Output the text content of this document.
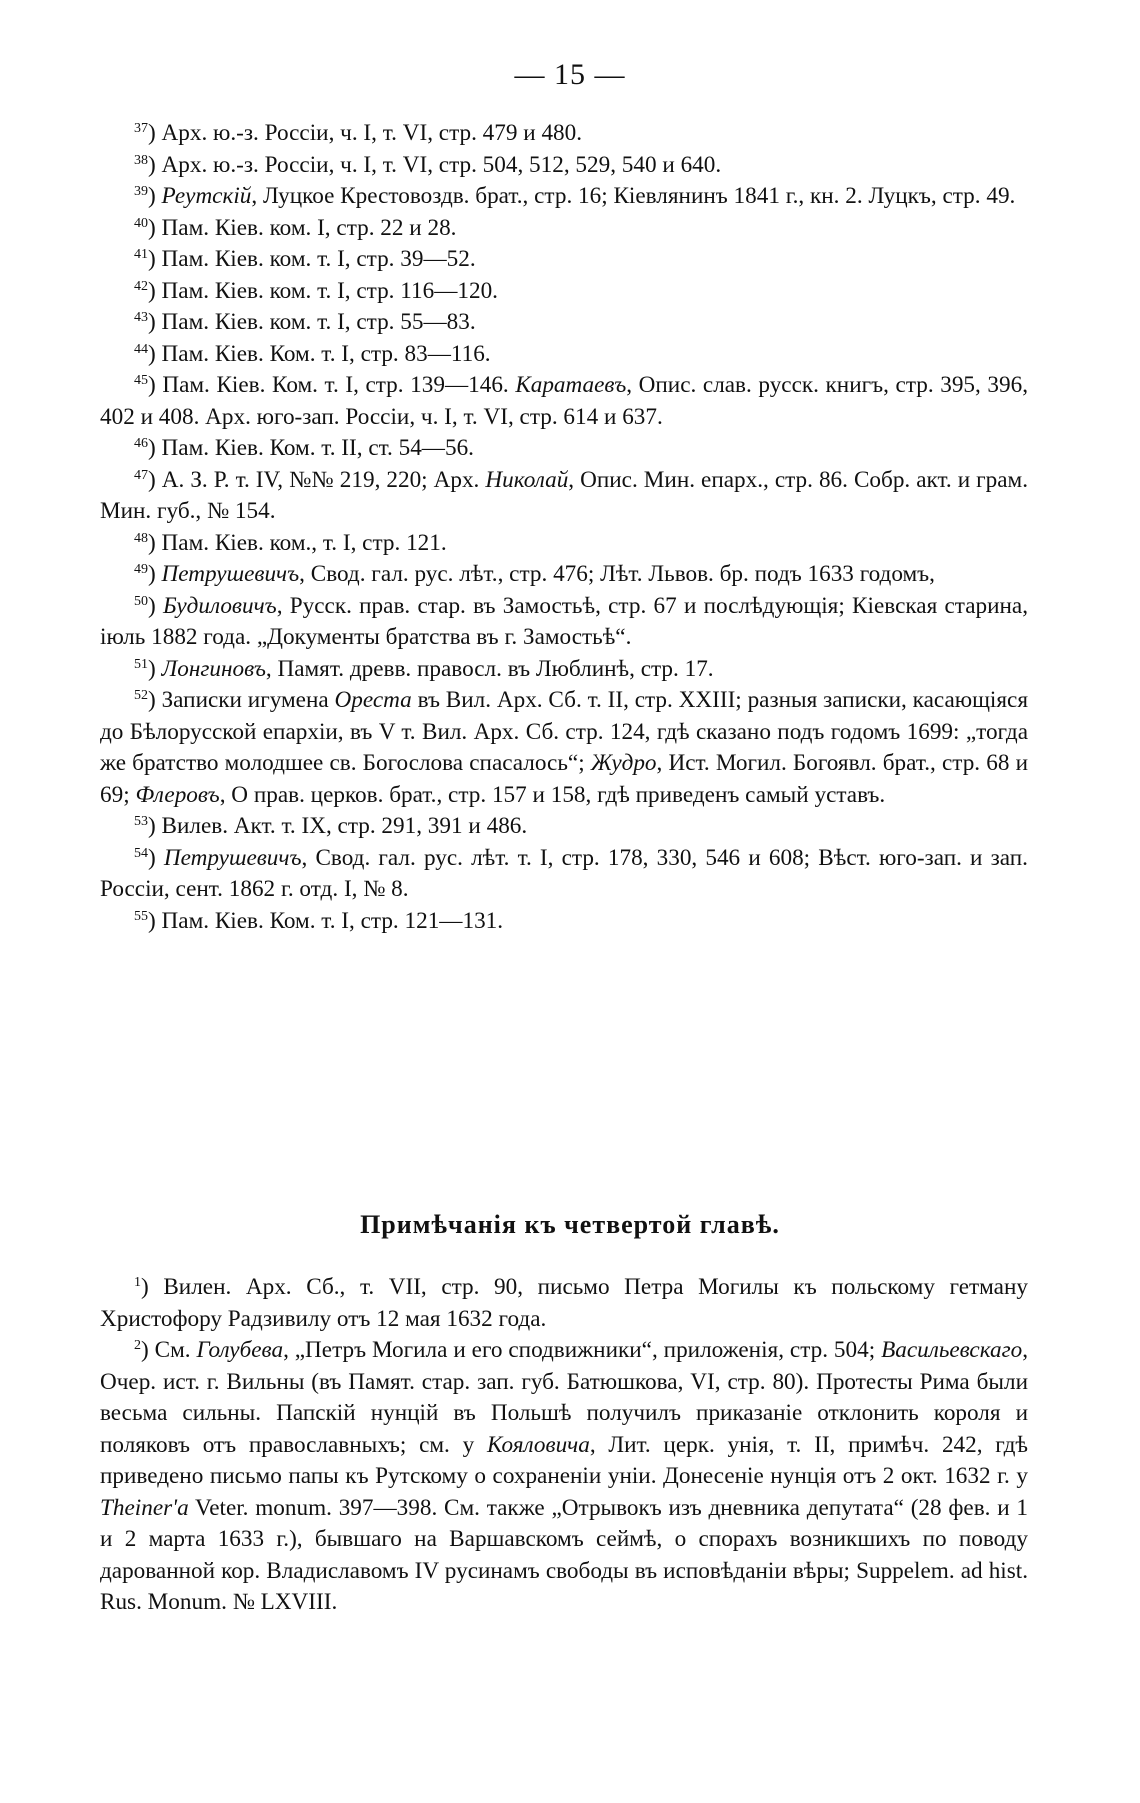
— 15 —

$^{37}$) Арх. ю.-з. Россіи, ч. I, т. VI, стр. 479 и 480.

$^{38}$) Арх. ю.-з. Россіи, ч. I, т. VI, стр. 504, 512, 529, 540 и 640.

$^{39}$) Реутскій, Луцкое Крестовоздв. брат., стр. 16; Кіевлянинъ 1841 г., кн. 2. Луцкъ, стр. 49.

$^{40}$) Пам. Кіев. ком. I, стр. 22 и 28.

$^{41}$) Пам. Кіев. ком. т. I, стр. 39—52.

$^{42}$) Пам. Кіев. ком. т. I, стр. 116—120.

$^{43}$) Пам. Кіев. ком. т. I, стр. 55—83.

$^{44}$) Пам. Кіев. Ком. т. I, стр. 83—116.

$^{45}$) Пам. Кіев. Ком. т. I, стр. 139—146. Каратаевъ, Опис. слав. русск. книгъ, стр. 395, 396, 402 и 408. Арх. юго-зап. Россіи, ч. I, т. VI, стр. 614 и 637.

$^{46}$) Пам. Кіев. Ком. т. II, ст. 54—56.

$^{47}$) А. З. Р. т. IV, №№ 219, 220; Арх. Николай, Опис. Мин. епарх., стр. 86. Собр. акт. и грам. Мин. губ., № 154.

$^{48}$) Пам. Кіев. ком., т. I, стр. 121.

$^{49}$) Петрушевичъ, Свод. гал. рус. лѣт., стр. 476; Лѣт. Львов. бр. подъ 1633 годомъ,

$^{50}$) Будиловичъ, Русск. прав. стар. въ Замостьѣ, стр. 67 и послѣдующія; Кіевская старина, іюль 1882 года. „Документы братства въ г. Замостьѣ“.

$^{51}$) Лонгиновъ, Памят. древв. правосл. въ Люблинѣ, стр. 17.

$^{52}$) Записки игумена Ореста въ Вил. Арх. Сб. т. II, стр. XXIII; разныя записки, касающіяся до Бѣлорусской епархіи, въ V т. Вил. Арх. Сб. стр. 124, гдѣ сказано подъ годомъ 1699: „тогда же братство молодшее св. Богослова спасалось“; Жудро, Ист. Могил. Богоявл. брат., стр. 68 и 69; Флеровъ, О прав. церков. брат., стр. 157 и 158, гдѣ приведенъ самый уставъ.

$^{53}$) Вилев. Акт. т. IX, стр. 291, 391 и 486.

$^{54}$) Петрушевичъ, Свод. гал. рус. лѣт. т. I, стр. 178, 330, 546 и 608; Вѣст. юго-зап. и зап. Россіи, сент. 1862 г. отд. I, № 8.

$^{55}$) Пам. Кіев. Ком. т. I, стр. 121—131.

Примѣчанія къ четвертой главѣ.

$^1$) Вилен. Арх. Сб., т. VII, стр. 90, письмо Петра Могилы къ польскому гетману Христофору Радзивилу отъ 12 мая 1632 года.

$^2$) См. Голубева, „Петръ Могила и его сподвижники“, приложенія, стр. 504; Васильевскаго, Очер. ист. г. Вильны (въ Памят. стар. зап. губ. Батюшкова, VI, стр. 80). Протесты Рима были весьма сильны. Папскій нунцій въ Польшѣ получилъ приказаніе отклонить короля и поляковъ отъ православныхъ; см. у Кояловича, Лит. церк. унія, т. II, примѣч. 242, гдѣ приведено письмо папы къ Рутскому о сохраненіи уніи. Донесеніе нунція отъ 2 окт. 1632 г. у Theiner'a Veter. monum. 397—398. См. также „Отрывокъ изъ дневника депутата“ (28 фев. и 1 и 2 марта 1633 г.), бывшаго на Варшавскомъ сеймѣ, о спорахъ возникшихъ по поводу дарованной кор. Владиславомъ IV русинамъ свободы въ исповѣданіи вѣры; Suppelem. ad hist. Rus. Monum. № LXVIII.
